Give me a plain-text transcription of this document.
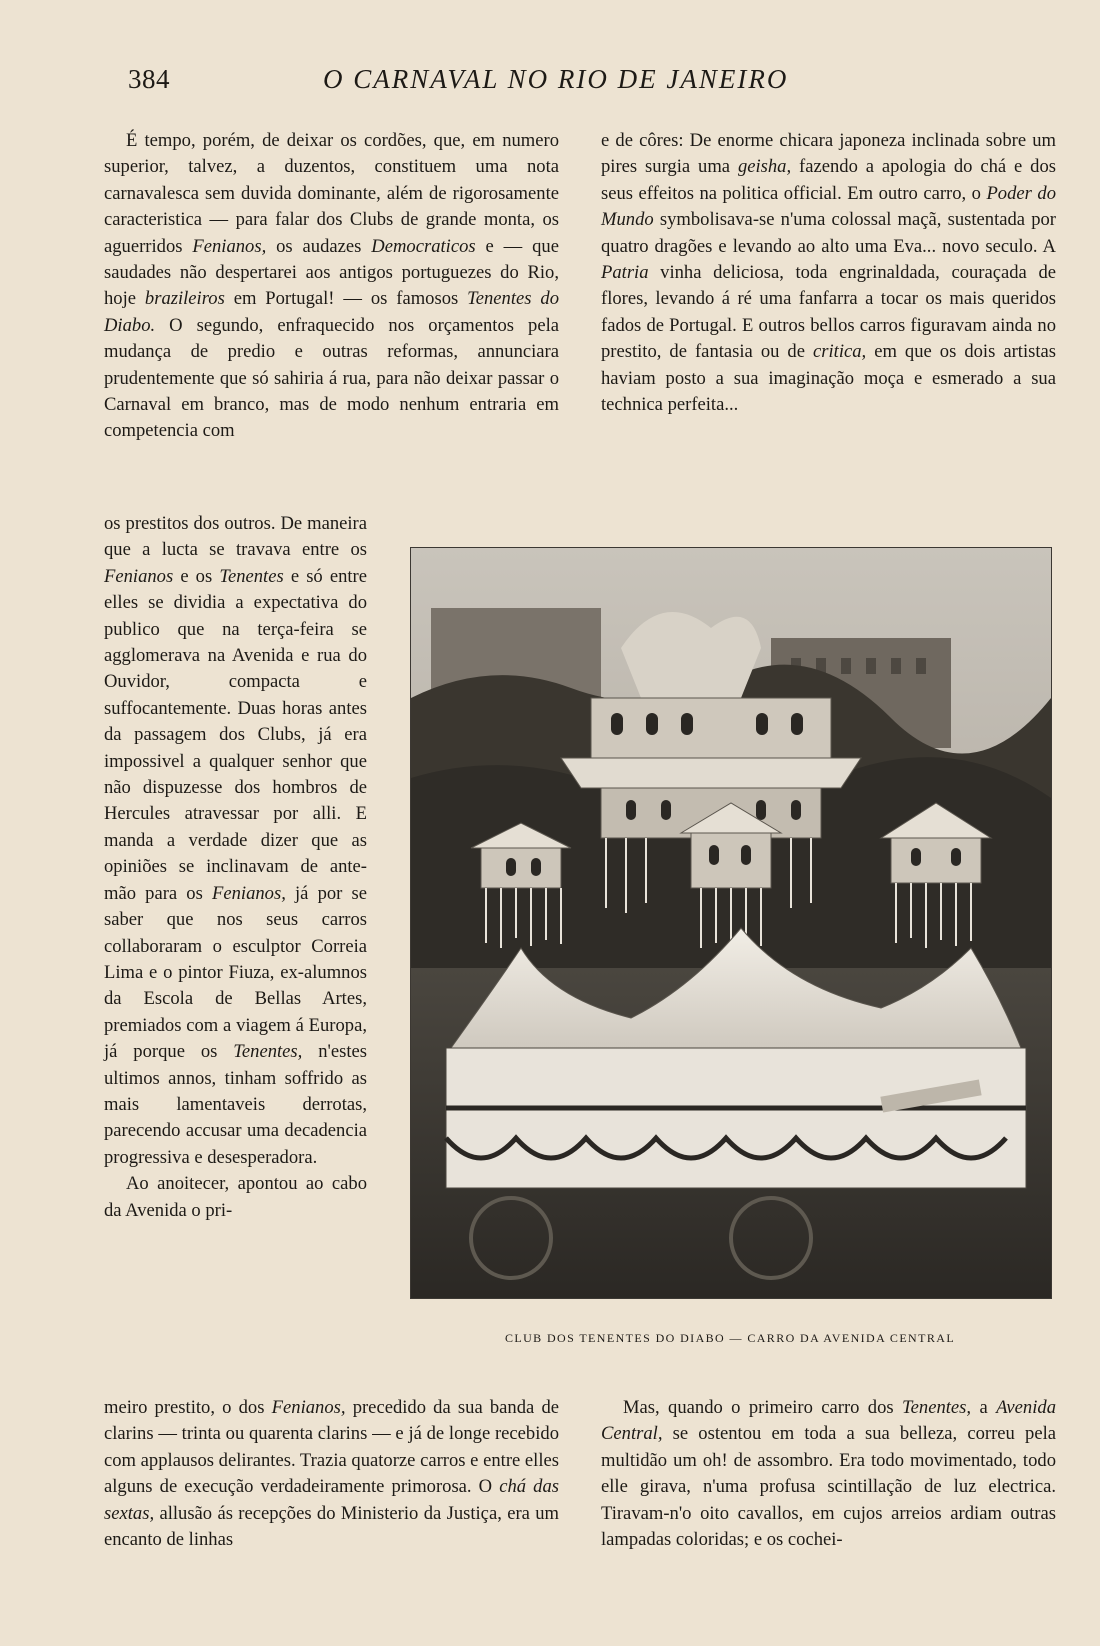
384	O CARNAVAL NO RIO DE JANEIRO

É tempo, porém, de deixar os cordões, que, em numero superior, talvez, a duzentos, constituem uma nota carnavalesca sem duvida dominante, além de rigorosamente caracteristica — para falar dos Clubs de grande monta, os aguerridos Fenianos, os audazes Democraticos e — que saudades não despertarei aos antigos portuguezes do Rio, hoje brazileiros em Portugal! — os famosos Tenentes do Diabo. O segundo, enfraquecido nos orçamentos pela mudança de predio e outras reformas, annunciara prudentemente que só sahiria á rua, para não deixar passar o Carnaval em branco, mas de modo nenhum entraria em competencia com

os prestitos dos outros. De maneira que a lucta se travava entre os Fenianos e os Tenentes e só entre elles se dividia a expectativa do publico que na terça-feira se agglomerava na Avenida e rua do Ouvidor, compacta e suffocantemente. Duas horas antes da passagem dos Clubs, já era impossivel a qualquer senhor que não dispuzesse dos hombros de Hercules atravessar por alli. E manda a verdade dizer que as opiniões se inclinavam de ante-mão para os Fenianos, já por se saber que nos seus carros collaboraram o esculptor Correia Lima e o pintor Fiuza, ex-alumnos da Escola de Bellas Artes, premiados com a viagem á Europa, já porque os Tenentes, n'estes ultimos annos, tinham soffrido as mais lamentaveis derrotas, parecendo accusar uma decadencia progressiva e desesperadora.

Ao anoitecer, apontou ao cabo da Avenida o pri-

meiro prestito, o dos Fenianos, precedido da sua banda de clarins — trinta ou quarenta clarins — e já de longe recebido com applausos delirantes. Trazia quatorze carros e entre elles alguns de execução verdadeiramente primorosa. O chá das sextas, allusão ás recepções do Ministerio da Justiça, era um encanto de linhas

e de côres: De enorme chicara japoneza inclinada sobre um pires surgia uma geisha, fazendo a apologia do chá e dos seus effeitos na politica official. Em outro carro, o Poder do Mundo symbolisava-se n'uma colossal maçã, sustentada por quatro dragões e levando ao alto uma Eva... novo seculo. A Patria vinha deliciosa, toda engrinaldada, couraçada de flores, levando á ré uma fanfarra a tocar os mais queridos fados de Portugal. E outros bellos carros figuravam ainda no prestito, de fantasia ou de critica, em que os dois artistas haviam posto a sua imaginação moça e esmerado a sua technica perfeita...

Mas, quando o primeiro carro dos Tenentes, a Avenida Central, se ostentou em toda a sua belleza, correu pela multidão um oh! de assombro. Era todo movimentado, todo elle girava, n'uma profusa scintillação de luz electrica. Tiravam-n'o oito cavallos, em cujos arreios ardiam outras lampadas coloridas; e os cochei-

CLUB DOS TENENTES DO DIABO — CARRO DA AVENIDA CENTRAL
